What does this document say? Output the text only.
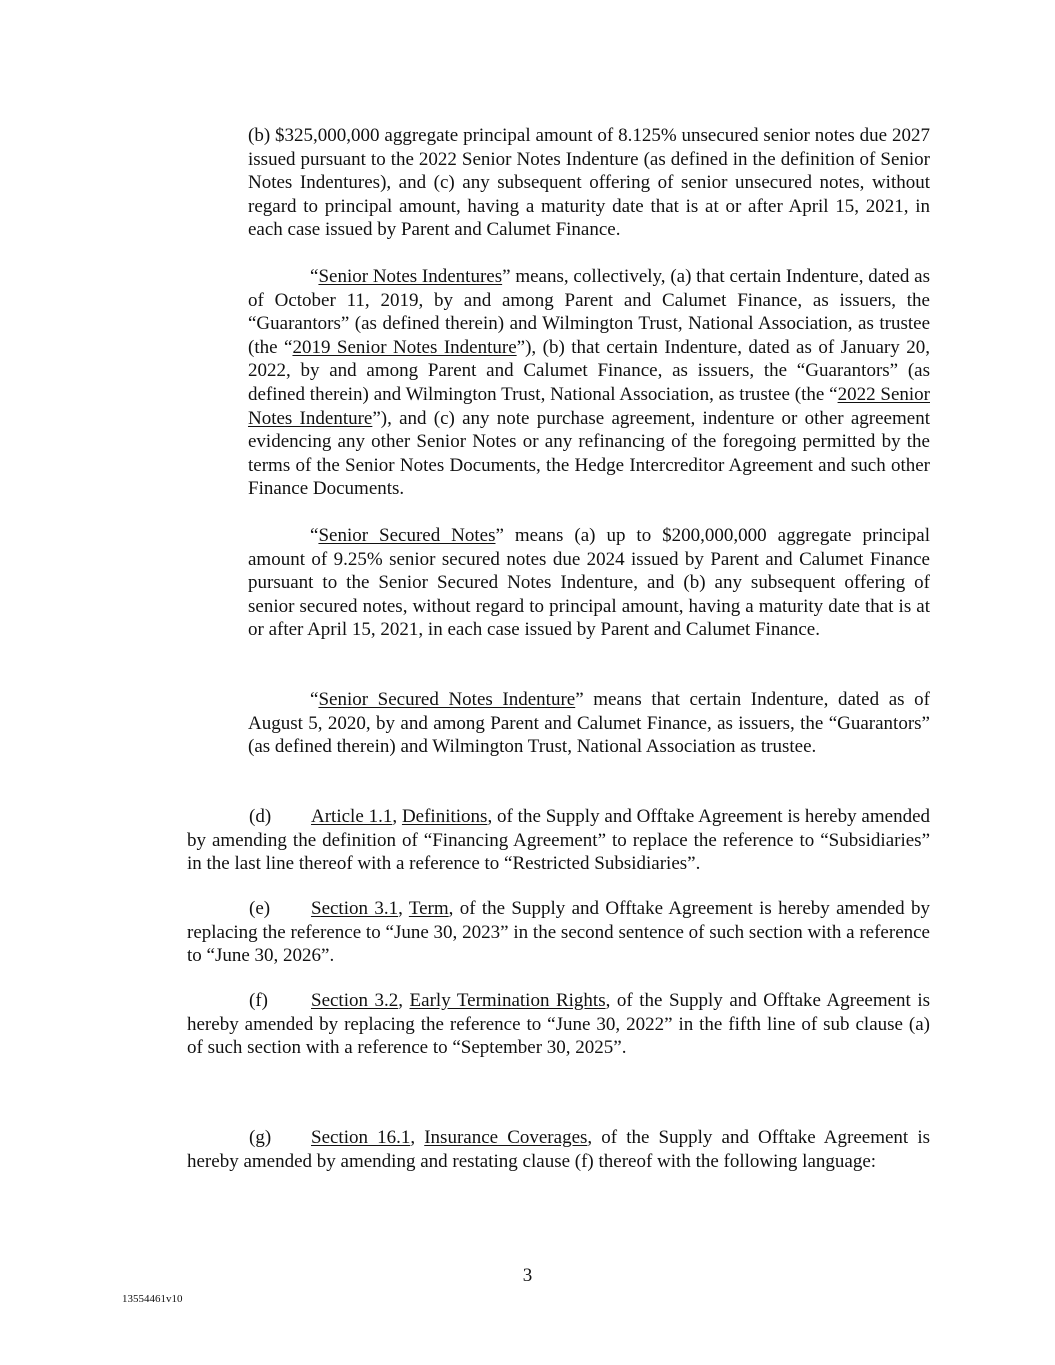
(b) $325,000,000 aggregate principal amount of 8.125% unsecured senior notes due 2027 issued pursuant to the 2022 Senior Notes Indenture (as defined in the definition of Senior Notes Indentures), and (c) any subsequent offering of senior unsecured notes, without regard to principal amount, having a maturity date that is at or after April 15, 2021, in each case issued by Parent and Calumet Finance.

“Senior Notes Indentures” means, collectively, (a) that certain Indenture, dated as of October 11, 2019, by and among Parent and Calumet Finance, as issuers, the “Guarantors” (as defined therein) and Wilmington Trust, National Association, as trustee (the “2019 Senior Notes Indenture”), (b) that certain Indenture, dated as of January 20, 2022, by and among Parent and Calumet Finance, as issuers, the “Guarantors” (as defined therein) and Wilmington Trust, National Association, as trustee (the “2022 Senior Notes Indenture”), and (c) any note purchase agreement, indenture or other agreement evidencing any other Senior Notes or any refinancing of the foregoing permitted by the terms of the Senior Notes Documents, the Hedge Intercreditor Agreement and such other Finance Documents.

“Senior Secured Notes” means (a) up to $200,000,000 aggregate principal amount of 9.25% senior secured notes due 2024 issued by Parent and Calumet Finance pursuant to the Senior Secured Notes Indenture, and (b) any subsequent offering of senior secured notes, without regard to principal amount, having a maturity date that is at or after April 15, 2021, in each case issued by Parent and Calumet Finance.

“Senior Secured Notes Indenture” means that certain Indenture, dated as of August 5, 2020, by and among Parent and Calumet Finance, as issuers, the “Guarantors” (as defined therein) and Wilmington Trust, National Association as trustee.

(d) Article 1.1, Definitions, of the Supply and Offtake Agreement is hereby amended by amending the definition of “Financing Agreement” to replace the reference to “Subsidiaries” in the last line thereof with a reference to “Restricted Subsidiaries”.

(e) Section 3.1, Term, of the Supply and Offtake Agreement is hereby amended by replacing the reference to “June 30, 2023” in the second sentence of such section with a reference to “June 30, 2026”.

(f) Section 3.2, Early Termination Rights, of the Supply and Offtake Agreement is hereby amended by replacing the reference to “June 30, 2022” in the fifth line of sub clause (a) of such section with a reference to “September 30, 2025”.

(g) Section 16.1, Insurance Coverages, of the Supply and Offtake Agreement is hereby amended by amending and restating clause (f) thereof with the following language:

3
13554461v10
